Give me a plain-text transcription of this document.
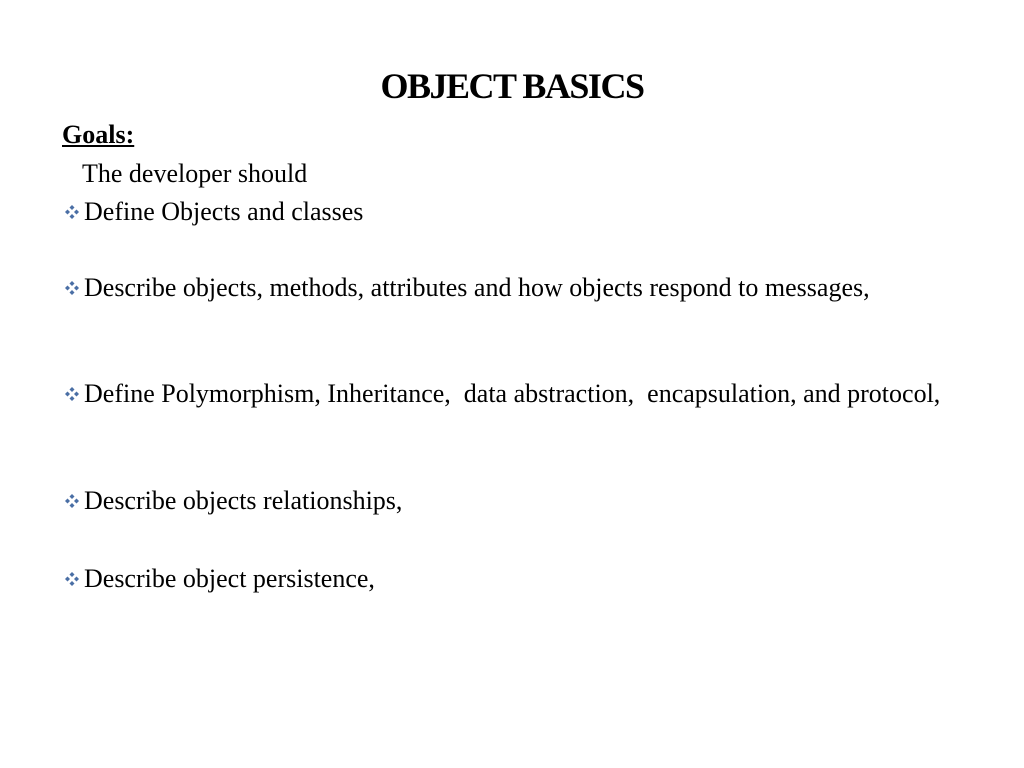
OBJECT BASICS

Goals:

The developer should

Define Objects and classes
Describe objects, methods, attributes and how objects respond to messages,
Define Polymorphism, Inheritance,  data abstraction,  encapsulation, and protocol,
Describe objects relationships,
Describe object persistence,
